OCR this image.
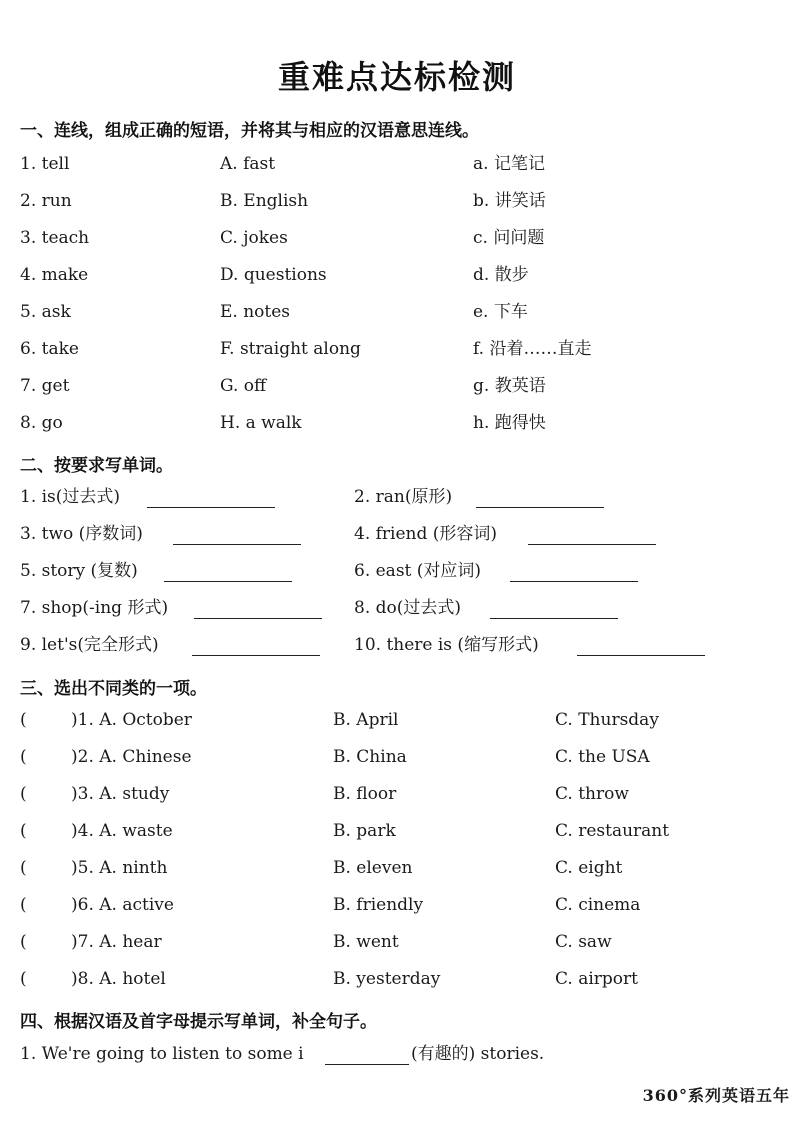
重难点达标检测
一、连线，组成正确的短语，并将其与相应的汉语意思连线。
1. tell	A. fast	a. 记笔记
2. run	B. English	b. 讲笑话
3. teach	C. jokes	c. 问问题
4. make	D. questions	d. 散步
5. ask	E. notes	e. 下车
6. take	F. straight along	f. 沿着……直走
7. get	G. off	g. 教英语
8. go	H. a walk	h. 跑得快
二、按要求写单词。
1. is(过去式)	2. ran(原形)
3. two (序数词)	4. friend (形容词)
5. story (复数)	6. east (对应词)
7. shop(-ing 形式)	8. do(过去式)
9. let's(完全形式)	10. there is (缩写形式)
三、选出不同类的一项。
(	)1. A. October	B. April	C. Thursday
(	)2. A. Chinese	B. China	C. the USA
(	)3. A. study	B. floor	C. throw
(	)4. A. waste	B. park	C. restaurant
(	)5. A. ninth	B. eleven	C. eight
(	)6. A. active	B. friendly	C. cinema
(	)7. A. hear	B. went	C. saw
(	)8. A. hotel	B. yesterday	C. airport
四、根据汉语及首字母提示写单词，补全句子。
1. We're going to listen to some i	(有趣的) stories.
360°系列英语五年
